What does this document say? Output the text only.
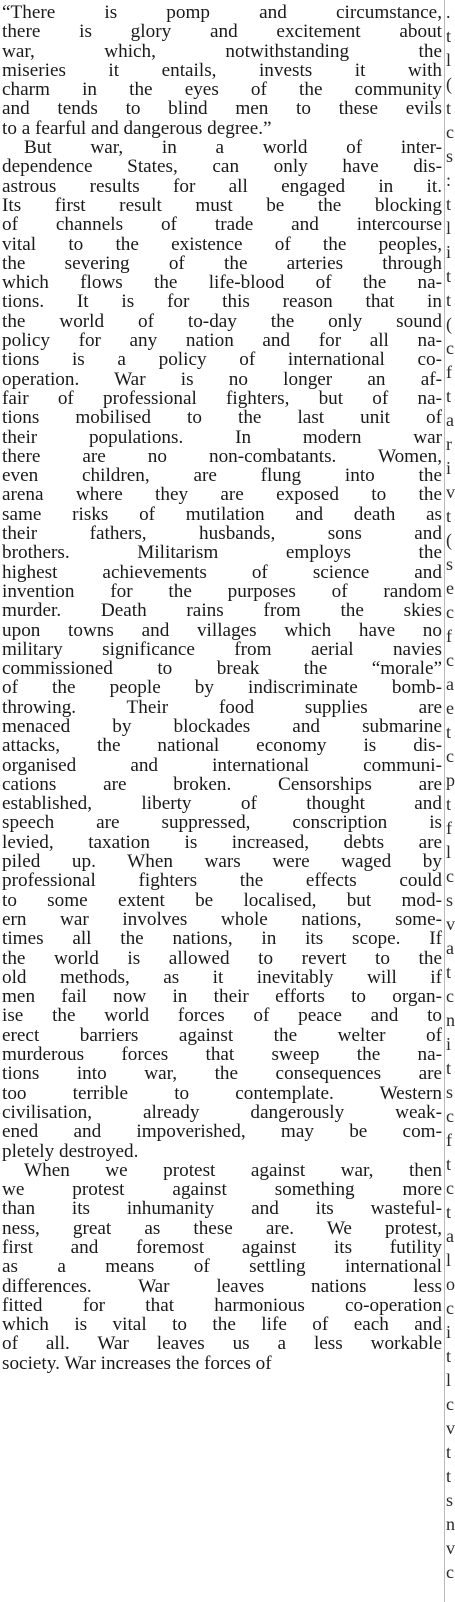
“There is pomp and circumstance,
there is glory and excitement about
war, which, notwithstanding the
miseries it entails, invests it with
charm in the eyes of the community
and tends to blind men to these evils
to a fearful and dangerous degree.”
But war, in a world of inter-
dependence States, can only have dis-
astrous results for all engaged in it.
Its first result must be the blocking
of channels of trade and intercourse
vital to the existence of the peoples,
the severing of the arteries through
which flows the life-blood of the na-
tions. It is for this reason that in
the world of to-day the only sound
policy for any nation and for all na-
tions is a policy of international co-
operation. War is no longer an af-
fair of professional fighters, but of na-
tions mobilised to the last unit of
their populations. In modern war
there are no non-combatants. Women,
even children, are flung into the
arena where they are exposed to the
same risks of mutilation and death as
their fathers, husbands, sons and
brothers. Militarism employs the
highest achievements of science and
invention for the purposes of random
murder. Death rains from the skies
upon towns and villages which have no
military significance from aerial navies
commissioned to break the “morale”
of the people by indiscriminate bomb-
throwing. Their food supplies are
menaced by blockades and submarine
attacks, the national economy is dis-
organised and international communi-
cations are broken. Censorships are
established, liberty of thought and
speech are suppressed, conscription is
levied, taxation is increased, debts are
piled up. When wars were waged by
professional fighters the effects could
to some extent be localised, but mod-
ern war involves whole nations, some-
times all the nations, in its scope. If
the world is allowed to revert to the
old methods, as it inevitably will if
men fail now in their efforts to organ-
ise the world forces of peace and to
erect barriers against the welter of
murderous forces that sweep the na-
tions into war, the consequences are
too terrible to contemplate. Western
civilisation, already dangerously weak-
ened and impoverished, may be com-
pletely destroyed.
When we protest against war, then
we protest against something more
than its inhumanity and its wasteful-
ness, great as these are. We protest,
first and foremost against its futility
as a means of settling international
differences. War leaves nations less
fitted for that harmonious co-operation
which is vital to the life of each and
of all. War leaves us a less workable
society. War increases the forces of
.
t
l
(
t
c
s
:
t
l
i
t
t
(
c
f
t
a
r
i
v
t
(
s
e
c
f
c
a
e
t
c
p
t
f
l
c
s
v
a
t
c
n
i
t
s
c
f
t
c
t
a
l
o
c
i
t
l
c
v
t
t
s
n
v
c
